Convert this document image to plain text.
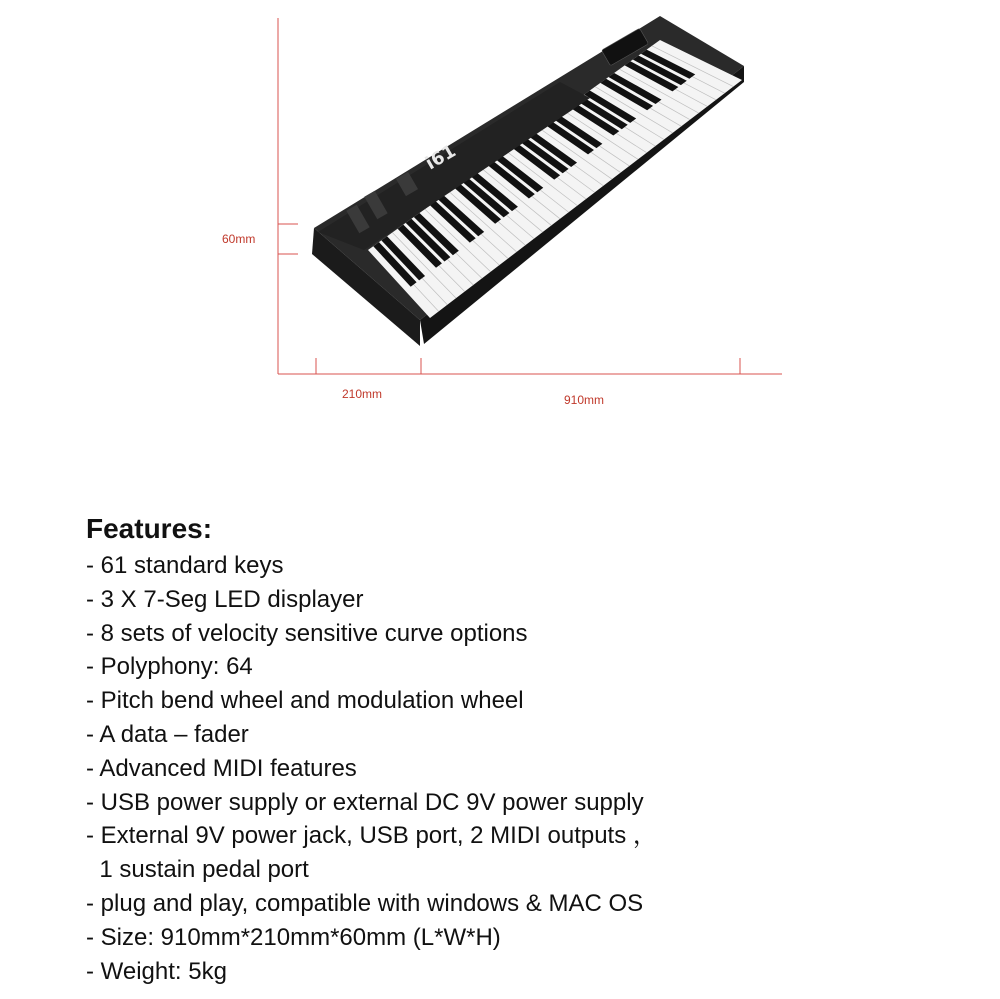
60mm
210mm	910mm
i61
Features:
- 61 standard keys
- 3 X 7-Seg LED displayer
- 8 sets of velocity sensitive curve options
- Polyphony: 64
- Pitch bend wheel and modulation wheel
- A data – fader
- Advanced MIDI features
- USB power supply or external DC 9V power supply
- External 9V power jack, USB port, 2 MIDI outputs ，
1 sustain pedal port
- plug and play, compatible with windows & MAC OS
- Size: 910mm*210mm*60mm (L*W*H)
- Weight: 5kg
